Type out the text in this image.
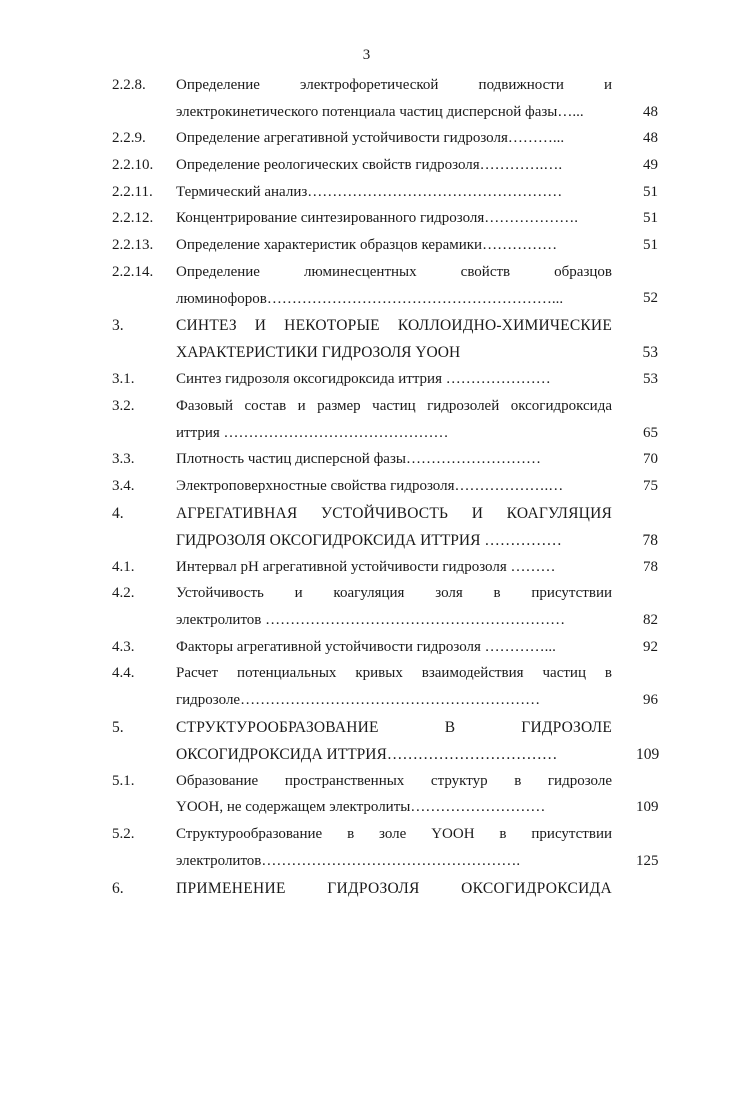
3
2.2.8. Определение электрофоретической подвижности и
электрокинетического потенциала частиц дисперсной фазы…...	48
2.2.9. Определение агрегативной устойчивости гидрозоля………...	48
2.2.10. Определение реологических свойств гидрозоля………….….	49
2.2.11. Термический анализ……………………………………………	51
2.2.12. Концентрирование синтезированного гидрозоля……………….	51
2.2.13. Определение характеристик образцов керамики……………	51
2.2.14. Определение люминесцентных свойств образцов
люминофоров…………………………………………………...	52
3.	СИНТЕЗ И НЕКОТОРЫЕ КОЛЛОИДНО-ХИМИЧЕСКИЕ
ХАРАКТЕРИСТИКИ ГИДРОЗОЛЯ YOOH	53
3.1.	Синтез гидрозоля оксогидроксида иттрия …………………	53
3.2.	Фазовый состав и размер частиц гидрозолей оксогидроксида
иттрия ………………………………………	65
3.3.	Плотность частиц дисперсной фазы………………………	70
3.4.	Электроповерхностные свойства гидрозоля……………….…	75
4.	АГРЕГАТИВНАЯ УСТОЙЧИВОСТЬ И КОАГУЛЯЦИЯ
ГИДРОЗОЛЯ ОКСОГИДРОКСИДА ИТТРИЯ ……………	78
4.1.	Интервал pH агрегативной устойчивости гидрозоля ………	78
4.2.	Устойчивость и коагуляция золя в присутствии
электролитов ……………………………………………………	82
4.3.	Факторы агрегативной устойчивости гидрозоля …………...	92
4.4.	Расчет потенциальных кривых взаимодействия частиц в
гидрозоле……………………………………………………	96
5.	СТРУКТУРООБРАЗОВАНИЕ В ГИДРОЗОЛЕ
ОКСОГИДРОКСИДА ИТТРИЯ……………………………	109
5.1.	Образование пространственных структур в гидрозоле
YOOH, не содержащем электролиты………………………	109
5.2.	Структурообразование в золе YOOH в присутствии
электролитов…………………………………………….	125
6.	ПРИМЕНЕНИЕ ГИДРОЗОЛЯ ОКСОГИДРОКСИДА
